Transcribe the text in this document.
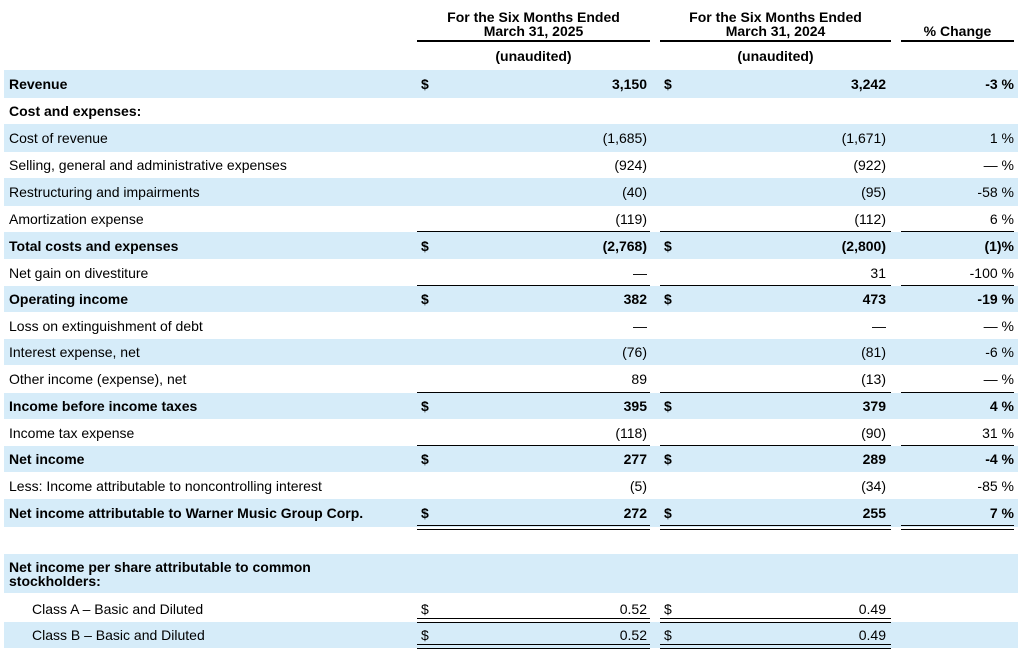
For the Six Months Ended
March 31, 2025
(unaudited)
For the Six Months Ended
March 31, 2024
(unaudited)
% Change
Revenue	$	3,150 $	3,242	-3 %
Cost and expenses:
Cost of revenue	(1,685)	(1,671)	1 %
Selling, general and administrative expenses	(924)	(922)	— %
Restructuring and impairments	(40)	(95)	-58 %
Amortization expense	(119)	(112)	6 %
Total costs and expenses	$	(2,768) $	(2,800)	(1)%
Net gain on divestiture	—	31	-100 %
Operating income	$	382 $	473	-19 %
Loss on extinguishment of debt	—	—	— %
Interest expense, net	(76)	(81)	-6 %
Other income (expense), net	89	(13)	— %
Income before income taxes	$	395 $	379	4 %
Income tax expense	(118)	(90)	31 %
Net income	$	277 $	289	-4 %
Less: Income attributable to noncontrolling interest	(5)	(34)	-85 %
Net income attributable to Warner Music Group Corp.	$	272 $	255	7 %
Net income per share attributable to common
stockholders:
Class A – Basic and Diluted	$	0.52 $	0.49
Class B – Basic and Diluted	$	0.52 $	0.49
